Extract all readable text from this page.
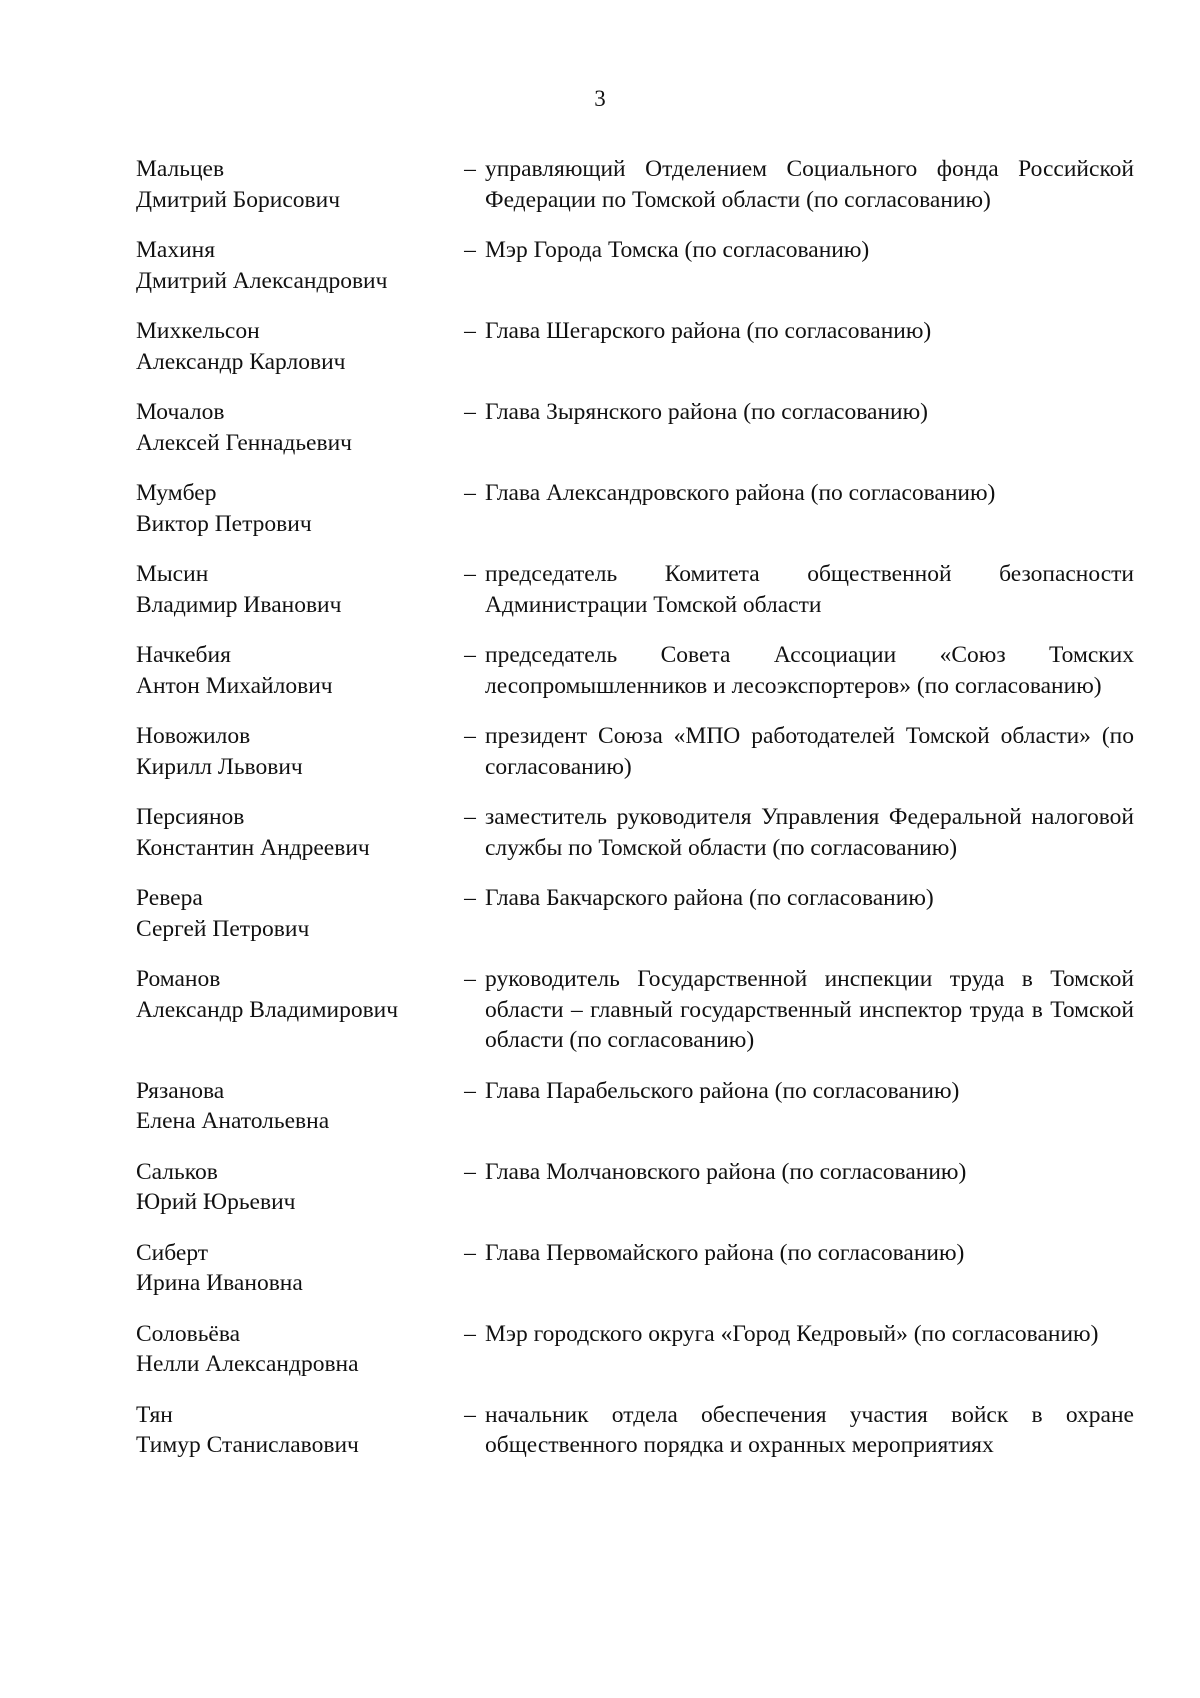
3
Мальцев
Дмитрий Борисович
– управляющий Отделением Социального фонда Российской Федерации по Томской области (по согласованию)
Махиня
Дмитрий Александрович
– Мэр Города Томска (по согласованию)
Михкельсон
Александр Карлович
– Глава Шегарского района (по согласованию)
Мочалов
Алексей Геннадьевич
– Глава Зырянского района (по согласованию)
Мумбер
Виктор Петрович
– Глава Александровского района (по согласованию)
Мысин
Владимир Иванович
– председатель Комитета общественной безопасности Администрации Томской области
Начкебия
Антон Михайлович
– председатель Совета Ассоциации «Союз Томских лесопромышленников и лесоэкспортеров» (по согласованию)
Новожилов
Кирилл Львович
– президент Союза «МПО работодателей Томской области» (по согласованию)
Персиянов
Константин Андреевич
– заместитель руководителя Управления Федеральной налоговой службы по Томской области (по согласованию)
Ревера
Сергей Петрович
– Глава Бакчарского района (по согласованию)
Романов
Александр Владимирович
– руководитель Государственной инспекции труда в Томской области – главный государственный инспектор труда в Томской области (по согласованию)
Рязанова
Елена Анатольевна
– Глава Парабельского района (по согласованию)
Сальков
Юрий Юрьевич
– Глава Молчановского района (по согласованию)
Сиберт
Ирина Ивановна
– Глава Первомайского района (по согласованию)
Соловьёва
Нелли Александровна
– Мэр городского округа «Город Кедровый» (по согласованию)
Тян
Тимур Станиславович
– начальник отдела обеспечения участия войск в охране общественного порядка и охранных мероприятиях
